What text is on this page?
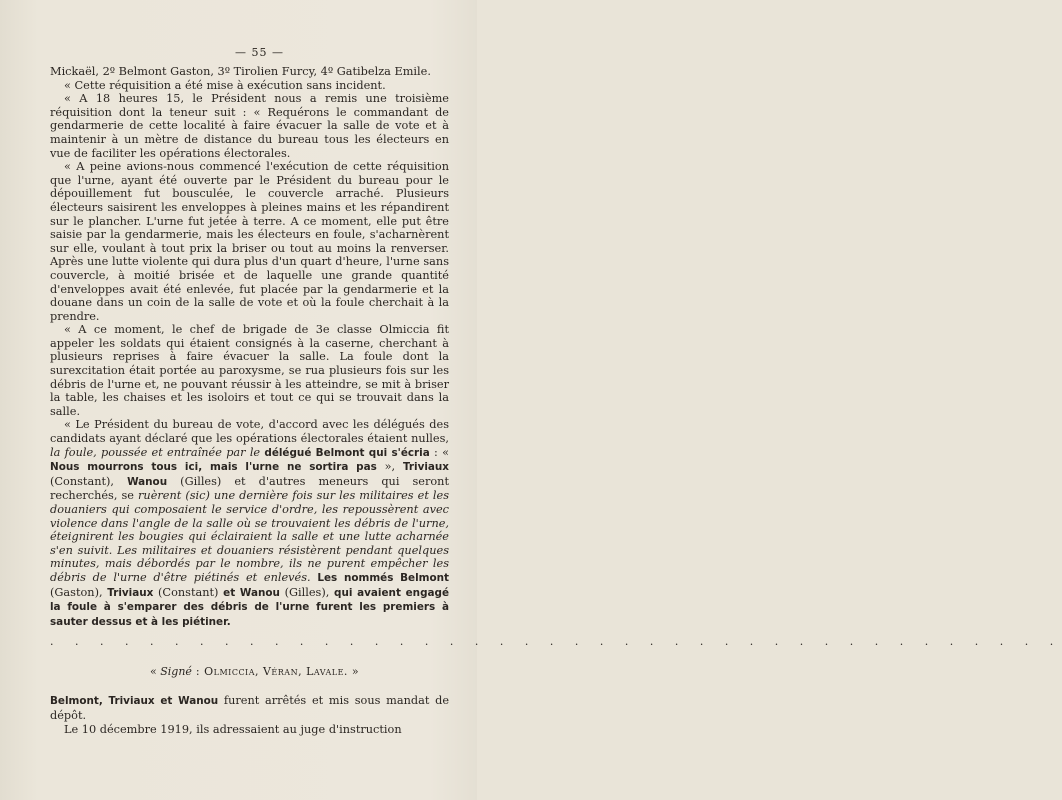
— 55 —

Mickaël, 2º Belmont Gaston, 3º Tirolien Furcy, 4º Gatibelza Emile.

« Cette réquisition a été mise à exécution sans incident.

« A 18 heures 15, le Président nous a remis une troisième réquisition dont la teneur suit : « Requérons le commandant de gendarmerie de cette localité à faire évacuer la salle de vote et à maintenir à un mètre de distance du bureau tous les électeurs en vue de faciliter les opérations électorales.

« A peine avions-nous commencé l'exécution de cette réquisition que l'urne, ayant été ouverte par le Président du bureau pour le dépouillement fut bousculée, le couvercle arraché. Plusieurs électeurs saisirent les enveloppes à pleines mains et les répandirent sur le plancher. L'urne fut jetée à terre. A ce moment, elle put être saisie par la gendarmerie, mais les électeurs en foule, s'acharnèrent sur elle, voulant à tout prix la briser ou tout au moins la renverser. Après une lutte violente qui dura plus d'un quart d'heure, l'urne sans couvercle, à moitié brisée et de laquelle une grande quantité d'enveloppes avait été enlevée, fut placée par la gendarmerie et la douane dans un coin de la salle de vote et où la foule cherchait à la prendre.

« A ce moment, le chef de brigade de 3e classe Olmiccia fit appeler les soldats qui étaient consignés à la caserne, cherchant à plusieurs reprises à faire évacuer la salle. La foule dont la surexcitation était portée au paroxysme, se rua plusieurs fois sur les débris de l'urne et, ne pouvant réussir à les atteindre, se mit à briser la table, les chaises et les isoloirs et tout ce qui se trouvait dans la salle.

« Le Président du bureau de vote, d'accord avec les délégués des candidats ayant déclaré que les opérations électorales étaient nulles, la foule, poussée et entraînée par le délégué Belmont qui s'écria : « Nous mourrons tous ici, mais l'urne ne sortira pas », Triviaux (Constant), Wanou (Gilles) et d'autres meneurs qui seront recherchés, se ruèrent (sic) une dernière fois sur les militaires et les douaniers qui composaient le service d'ordre, les repoussèrent avec violence dans l'angle de la salle où se trouvaient les débris de l'urne, éteignirent les bougies qui éclairaient la salle et une lutte acharnée s'en suivit. Les militaires et douaniers résistèrent pendant quelques minutes, mais débordés par le nombre, ils ne purent empêcher les débris de l'urne d'être piétinés et enlevés. Les nommés Belmont (Gaston), Triviaux (Constant) et Wanou (Gilles), qui avaient engagé la foule à s'emparer des débris de l'urne furent les premiers à sauter dessus et à les piétiner.

· · · · · · · · · · · · · · · · · · · · · · · · · · · · · · · · · · · · · · · · ·
« Signé : Olmiccia, Véran, Lavale. »

Belmont, Triviaux et Wanou furent arrêtés et mis sous mandat de dépôt.

Le 10 décembre 1919, ils adressaient au juge d'instruction
